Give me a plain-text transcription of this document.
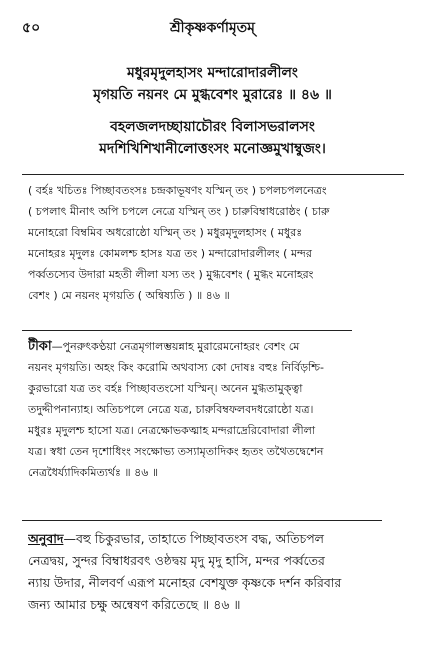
৫০	শ্রীকৃষ্ণকর্ণামৃতম্
মধুরমৃদুলহাসং মন্দারোদারলীলং
মৃগয়তি নয়নং মে মুগ্ধবেশং মুরারেঃ ॥ ৪৬ ॥
বহলজলদচ্ছায়াচৌরং বিলাসভরালসং
মদশিখিশিখানীলোত্তংসং মনোজ্ঞমুখাম্বুজং।
( বর্হঃ খচিতঃ পিচ্ছাবতংসঃ চন্দ্রকাভূষণং যস্মিন্ তং ) চপলচপলনেত্রং
( চপলাৎ মীনাৎ অপি চপলে নেত্রে যস্মিন্ তং ) চারুবিম্বাধরোষ্ঠং ( চারু
মনোহরো বিম্বমিব অধরোষ্ঠো যস্মিন্ তং ) মধুরমৃদুলহাসং ( মধুরঃ
মনোহরঃ মৃদুলঃ কোমলশ্চ হাসঃ যত্র তং ) মন্দারোদারলীলং ( মন্দর
পর্ব্বতস্যেব উদারা মহতী লীলা যস্য তং ) মুগ্ধবেশং ( মুগ্ধং মনোহরং
বেশং ) মে নয়নং মৃগয়তি ( অন্বিষ্যতি ) ॥ ৪৬ ॥
টীকা—পুনরুৎকণ্ঠয়া নেত্রমৃগালম্ভয়ন্নাহ মুরারেমনোহরং বেশং মে
নয়নং মৃগয়তি। অহং কিং করোমি অথবাস্য কো দোষঃ বহুঃ নির্বিড়শ্চি-
কুরভারো যত্র তং বর্হঃ পিচ্ছাবতংসো যস্মিন্। অনেন মুগ্ধতামুক্ত্বা
তদুদ্দীপনান্যাহ। অতিচপলে নেত্রে যত্র, চারুবিম্বফলবদধরোষ্ঠো যত্র।
মধুরঃ মৃদুলশ্চ হাসো যত্র। নেত্রক্ষোভকত্মাহ মন্দরাদ্রেরিবোদারা লীলা
যত্র। স্বধা তেন দৃশোধিংং সংক্ষোভ্য তস্যামৃতাদিকং হৃতং তথৈতদ্বেশেন
নেত্রধৈর্য্যাদিকমিত্যর্থঃ ॥ ৪৬ ॥
অনুবাদ—বহু চিকুরভার, তাহাতে পিচ্ছাবতংস বদ্ধ, অতিচপল
নেত্রদ্বয়, সুন্দর বিম্বাধরবৎ ওষ্ঠদ্বয় মৃদু মৃদু হাসি, মন্দর পর্ব্বতের
ন্যায় উদার, নীলবর্ণ এরূপ মনোহর বেশযুক্ত কৃষ্ণকে দর্শন করিবার
জন্য আমার চক্ষু অন্বেষণ করিতেছে ॥ ৪৬ ॥
